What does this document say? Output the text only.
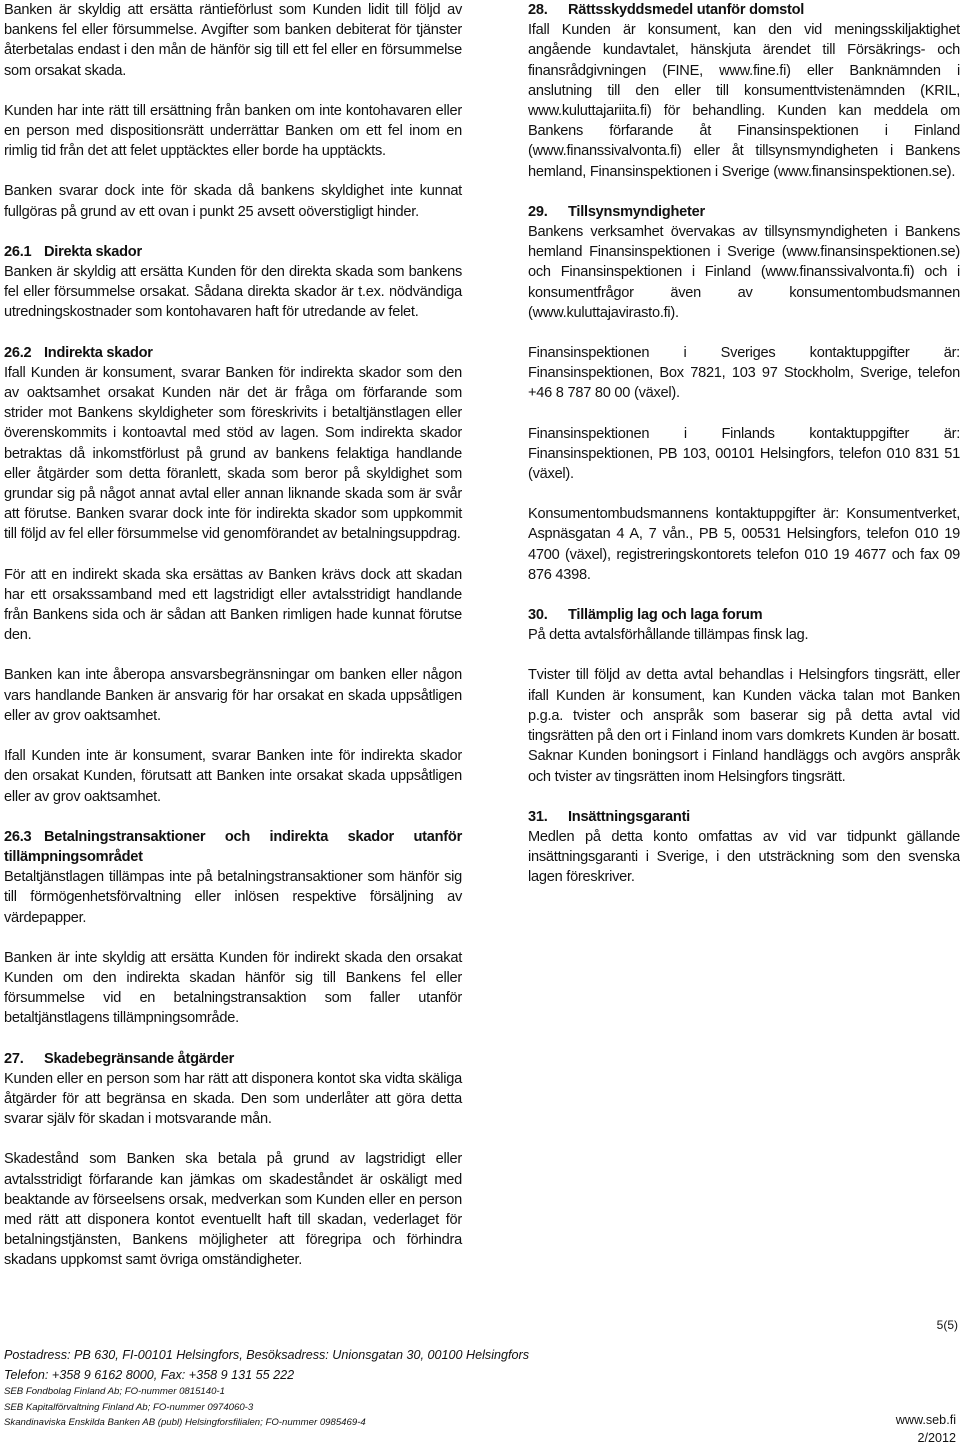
Banken är skyldig att ersätta räntieförlust som Kunden lidit till följd av bankens fel eller försummelse. Avgifter som banken debiterat för tjänster återbetalas endast i den mån de hänför sig till ett fel eller en försummelse som orsakat skada.
Kunden har inte rätt till ersättning från banken om inte kontohavaren eller en person med dispositionsrätt underrättar Banken om ett fel inom en rimlig tid från det att felet upptäcktes eller borde ha upptäckts.
Banken svarar dock inte för skada då bankens skyldighet inte kunnat fullgöras på grund av ett ovan i punkt 25 avsett oöverstigligt hinder.
26.1 Direkta skador
Banken är skyldig att ersätta Kunden för den direkta skada som bankens fel eller försummelse orsakat. Sådana direkta skador är t.ex. nödvändiga utredningskostnader som kontohavaren haft för utredande av felet.
26.2 Indirekta skador
Ifall Kunden är konsument, svarar Banken för indirekta skador som den av oaktsamhet orsakat Kunden när det är fråga om förfarande som strider mot Bankens skyldigheter som föreskrivits i betaltjänstlagen eller överenskommits i kontoavtal med stöd av lagen. Som indirekta skador betraktas då inkomstförlust på grund av bankens felaktiga handlande eller åtgärder som detta föranlett, skada som beror på skyldighet som grundar sig på något annat avtal eller annan liknande skada som är svår att förutse. Banken svarar dock inte för indirekta skador som uppkommit till följd av fel eller försummelse vid genomförandet av betalningsuppdrag.
För att en indirekt skada ska ersättas av Banken krävs dock att skadan har ett orsakssamband med ett lagstridigt eller avtalsstridigt handlande från Bankens sida och är sådan att Banken rimligen hade kunnat förutse den.
Banken kan inte åberopa ansvarsbegränsningar om banken eller någon vars handlande Banken är ansvarig för har orsakat en skada uppsåtligen eller av grov oaktsamhet.
Ifall Kunden inte är konsument, svarar Banken inte för indirekta skador den orsakat Kunden, förutsatt att Banken inte orsakat skada uppsåtligen eller av grov oaktsamhet.
26.3 Betalningstransaktioner och indirekta skador utanför tillämpningsområdet
Betaltjänstlagen tillämpas inte på betalningstransaktioner som hänför sig till förmögenhetsförvaltning eller inlösen respektive försäljning av värdepapper.
Banken är inte skyldig att ersätta Kunden för indirekt skada den orsakat Kunden om den indirekta skadan hänför sig till Bankens fel eller försummelse vid en betalningstransaktion som faller utanför betaltjänstlagens tillämpningsområde.
27. Skadebegränsande åtgärder
Kunden eller en person som har rätt att disponera kontot ska vidta skäliga åtgärder för att begränsa en skada. Den som underlåter att göra detta svarar själv för skadan i motsvarande mån.
Skadestånd som Banken ska betala på grund av lagstridigt eller avtalsstridigt förfarande kan jämkas om skadeståndet är oskäligt med beaktande av förseelsens orsak, medverkan som Kunden eller en person med rätt att disponera kontot eventuellt haft till skadan, vederlaget för betalningstjänsten, Bankens möjligheter att föregripa och förhindra skadans uppkomst samt övriga omständigheter.
28. Rättsskyddsmedel utanför domstol
Ifall Kunden är konsument, kan den vid meningsskiljaktighet angående kundavtalet, hänskjuta ärendet till Försäkrings- och finansrådgivningen (FINE, www.fine.fi) eller Banknämnden i anslutning till den eller till konsumenttvistenämnden (KRIL, www.kuluttajariita.fi) för behandling. Kunden kan meddela om Bankens förfarande åt Finansinspektionen i Finland (www.finanssivalvonta.fi) eller åt tillsynsmyndigheten i Bankens hemland, Finansinspektionen i Sverige (www.finansinspektionen.se).
29. Tillsynsmyndigheter
Bankens verksamhet övervakas av tillsynsmyndigheten i Bankens hemland Finansinspektionen i Sverige (www.finansinspektionen.se) och Finansinspektionen i Finland (www.finanssivalvonta.fi) och i konsumentfrågor även av konsumentombudsmannen (www.kuluttajavirasto.fi).
Finansinspektionen i Sveriges kontaktuppgifter är: Finansinspektionen, Box 7821, 103 97 Stockholm, Sverige, telefon +46 8 787 80 00 (växel).
Finansinspektionen i Finlands kontaktuppgifter är: Finansinspektionen, PB 103, 00101 Helsingfors, telefon 010 831 51 (växel).
Konsumentombudsmannens kontaktuppgifter är: Konsumentverket, Aspnäsgatan 4 A, 7 vån., PB 5, 00531 Helsingfors, telefon 010 19 4700 (växel), registreringskontorets telefon 010 19 4677 och fax 09 876 4398.
30. Tillämplig lag och laga forum
På detta avtalsförhållande tillämpas finsk lag.
Tvister till följd av detta avtal behandlas i Helsingfors tingsrätt, eller ifall Kunden är konsument, kan Kunden väcka talan mot Banken p.g.a. tvister och anspråk som baserar sig på detta avtal vid tingsrätten på den ort i Finland inom vars domkrets Kunden är bosatt. Saknar Kunden boningsort i Finland handläggs och avgörs anspråk och tvister av tingsrätten inom Helsingfors tingsrätt.
31. Insättningsgaranti
Medlen på detta konto omfattas av vid var tidpunkt gällande insättningsgaranti i Sverige, i den utsträckning som den svenska lagen föreskriver.
5(5)
Postadress: PB 630, FI-00101 Helsingfors, Besöksadress: Unionsgatan 30, 00100 Helsingfors
Telefon: +358 9 6162 8000, Fax: +358 9 131 55 222
SEB Fondbolag Finland Ab; FO-nummer 0815140-1
SEB Kapitalförvaltning Finland Ab; FO-nummer 0974060-3
Skandinaviska Enskilda Banken AB (publ) Helsingforsfilialen; FO-nummer 0985469-4	www.seb.fi
2/2012
